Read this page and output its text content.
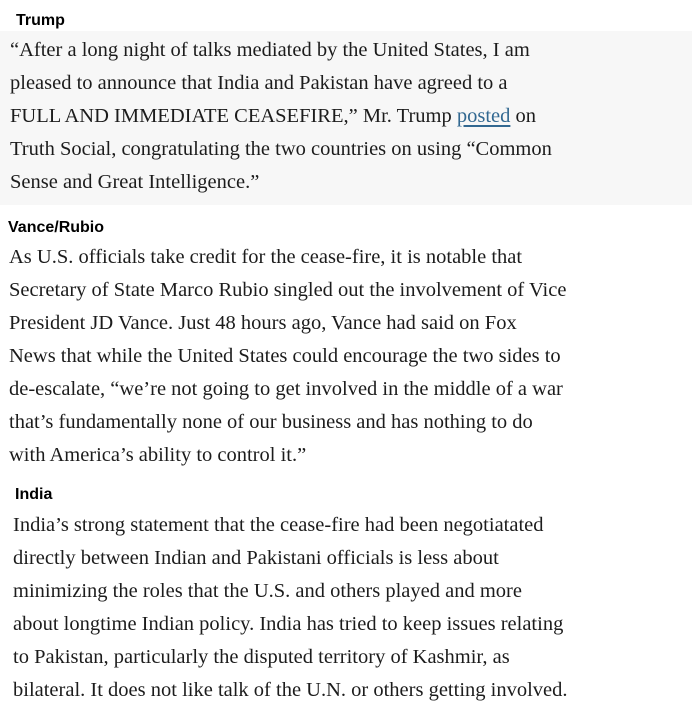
Trump

“After a long night of talks mediated by the United States, I am
pleased to announce that India and Pakistan have agreed to a
FULL AND IMMEDIATE CEASEFIRE,” Mr. Trump posted on
Truth Social, congratulating the two countries on using “Common
Sense and Great Intelligence.”

Vance/Rubio

As U.S. officials take credit for the cease-fire, it is notable that
Secretary of State Marco Rubio singled out the involvement of Vice
President JD Vance. Just 48 hours ago, Vance had said on Fox
News that while the United States could encourage the two sides to
de-escalate, “we’re not going to get involved in the middle of a war
that’s fundamentally none of our business and has nothing to do
with America’s ability to control it.”

India

India’s strong statement that the cease-fire had been negotiatated
directly between Indian and Pakistani officials is less about
minimizing the roles that the U.S. and others played and more
about longtime Indian policy. India has tried to keep issues relating
to Pakistan, particularly the disputed territory of Kashmir, as
bilateral. It does not like talk of the U.N. or others getting involved.
